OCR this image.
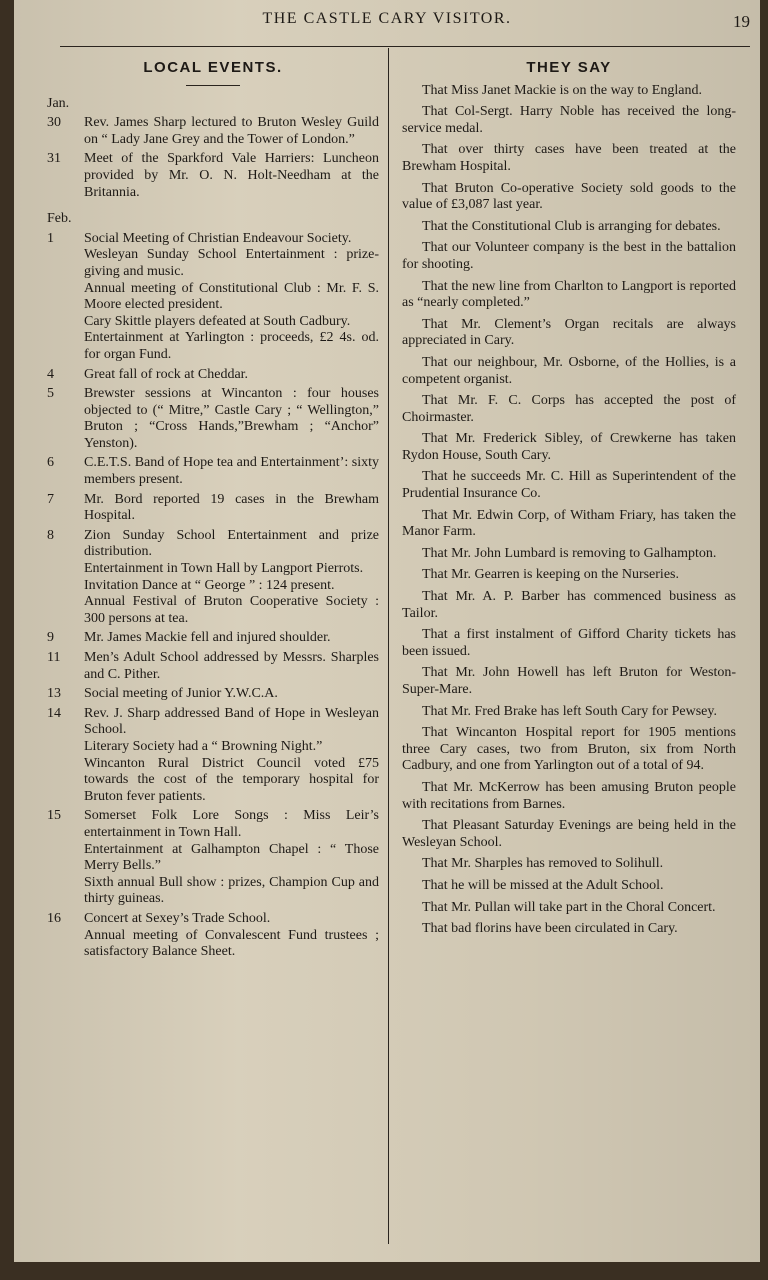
THE CASTLE CARY VISITOR.	19
LOCAL EVENTS.
Jan.
30	Rev. James Sharp lectured to Bruton Wesley Guild on “ Lady Jane Grey and the Tower of London.”
31	Meet of the Sparkford Vale Harriers: Luncheon provided by Mr. O. N. Holt-Needham at the Britannia.
Feb.
1	Social Meeting of Christian Endeavour Society.
Wesleyan Sunday School Entertainment : prize-giving and music.
Annual meeting of Constitutional Club : Mr. F. S. Moore elected president.
Cary Skittle players defeated at South Cadbury.
Entertainment at Yarlington : proceeds, £2 4s. od. for organ Fund.
4	Great fall of rock at Cheddar.
5	Brewster sessions at Wincanton : four houses objected to (“ Mitre,” Castle Cary ; “ Wellington,” Bruton ; “Cross Hands,”Brewham ; “Anchor” Yenston).
6	C.E.T.S. Band of Hope tea and Entertainment’: sixty members present.
7	Mr. Bord reported 19 cases in the Brewham Hospital.
8	Zion Sunday School Entertainment and prize distribution.
Entertainment in Town Hall by Langport Pierrots.
Invitation Dance at “ George ” : 124 present.
Annual Festival of Bruton Cooperative Society : 300 persons at tea.
9	Mr. James Mackie fell and injured shoulder.
11	Men’s Adult School addressed by Messrs. Sharples and C. Pither.
13	Social meeting of Junior Y.W.C.A.
14	Rev. J. Sharp addressed Band of Hope in Wesleyan School.
Literary Society had a “ Browning Night.”
Wincanton Rural District Council voted £75 towards the cost of the temporary hospital for Bruton fever patients.
15	Somerset Folk Lore Songs : Miss Leir’s entertainment in Town Hall.
Entertainment at Galhampton Chapel : “ Those Merry Bells.”
Sixth annual Bull show : prizes, Champion Cup and thirty guineas.
16	Concert at Sexey’s Trade School.
Annual meeting of Convalescent Fund trustees ; satisfactory Balance Sheet.
THEY SAY
That Miss Janet Mackie is on the way to England.
That Col-Sergt. Harry Noble has received the long-service medal.
That over thirty cases have been treated at the Brewham Hospital.
That Bruton Co-operative Society sold goods to the value of £3,087 last year.
That the Constitutional Club is arranging for debates.
That our Volunteer company is the best in the battalion for shooting.
That the new line from Charlton to Langport is reported as “nearly completed.”
That Mr. Clement’s Organ recitals are always appreciated in Cary.
That our neighbour, Mr. Osborne, of the Hollies, is a competent organist.
That Mr. F. C. Corps has accepted the post of Choirmaster.
That Mr. Frederick Sibley, of Crewkerne has taken Rydon House, South Cary.
That he succeeds Mr. C. Hill as Superintendent of the Prudential Insurance Co.
That Mr. Edwin Corp, of Witham Friary, has taken the Manor Farm.
That Mr. John Lumbard is removing to Galhampton.
That Mr. Gearren is keeping on the Nurseries.
That Mr. A. P. Barber has commenced business as Tailor.
That a first instalment of Gifford Charity tickets has been issued.
That Mr. John Howell has left Bruton for Weston-Super-Mare.
That Mr. Fred Brake has left South Cary for Pewsey.
That Wincanton Hospital report for 1905 mentions three Cary cases, two from Bruton, six from North Cadbury, and one from Yarlington out of a total of 94.
That Mr. McKerrow has been amusing Bruton people with recitations from Barnes.
That Pleasant Saturday Evenings are being held in the Wesleyan School.
That Mr. Sharples has removed to Solihull.
That he will be missed at the Adult School.
That Mr. Pullan will take part in the Choral Concert.
That bad florins have been circulated in Cary.
